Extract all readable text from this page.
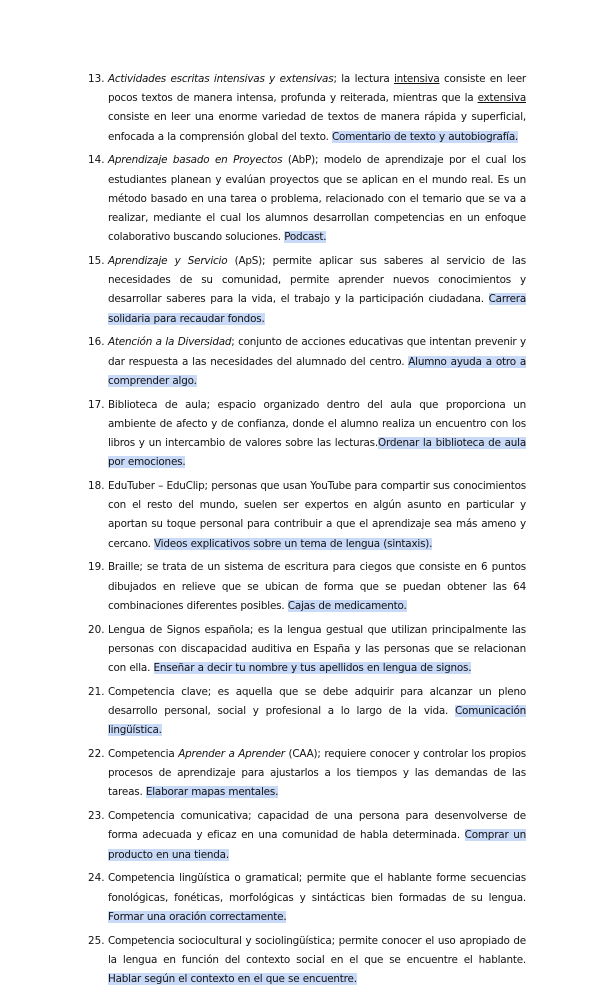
13. Actividades escritas intensivas y extensivas; la lectura intensiva consiste en leer pocos textos de manera intensa, profunda y reiterada, mientras que la extensiva consiste en leer una enorme variedad de textos de manera rápida y superficial, enfocada a la comprensión global del texto. Comentario de texto y autobiografía.
14. Aprendizaje basado en Proyectos (AbP); modelo de aprendizaje por el cual los estudiantes planean y evalúan proyectos que se aplican en el mundo real. Es un método basado en una tarea o problema, relacionado con el temario que se va a realizar, mediante el cual los alumnos desarrollan competencias en un enfoque colaborativo buscando soluciones. Podcast.
15. Aprendizaje y Servicio (ApS); permite aplicar sus saberes al servicio de las necesidades de su comunidad, permite aprender nuevos conocimientos y desarrollar saberes para la vida, el trabajo y la participación ciudadana. Carrera solidaria para recaudar fondos.
16. Atención a la Diversidad; conjunto de acciones educativas que intentan prevenir y dar respuesta a las necesidades del alumnado del centro. Alumno ayuda a otro a comprender algo.
17. Biblioteca de aula; espacio organizado dentro del aula que proporciona un ambiente de afecto y de confianza, donde el alumno realiza un encuentro con los libros y un intercambio de valores sobre las lecturas.Ordenar la biblioteca de aula por emociones.
18. EduTuber – EduClip; personas que usan YouTube para compartir sus conocimientos con el resto del mundo, suelen ser expertos en algún asunto en particular y aportan su toque personal para contribuir a que el aprendizaje sea más ameno y cercano. Videos explicativos sobre un tema de lengua (sintaxis).
19. Braille; se trata de un sistema de escritura para ciegos que consiste en 6 puntos dibujados en relieve que se ubican de forma que se puedan obtener las 64 combinaciones diferentes posibles. Cajas de medicamento.
20. Lengua de Signos española; es la lengua gestual que utilizan principalmente las personas con discapacidad auditiva en España y las personas que se relacionan con ella. Enseñar a decir tu nombre y tus apellidos en lengua de signos.
21. Competencia clave; es aquella que se debe adquirir para alcanzar un pleno desarrollo personal, social y profesional a lo largo de la vida. Comunicación lingüística.
22. Competencia Aprender a Aprender (CAA); requiere conocer y controlar los propios procesos de aprendizaje para ajustarlos a los tiempos y las demandas de las tareas. Elaborar mapas mentales.
23. Competencia comunicativa; capacidad de una persona para desenvolverse de forma adecuada y eficaz en una comunidad de habla determinada. Comprar un producto en una tienda.
24. Competencia lingüística o gramatical; permite que el hablante forme secuencias fonológicas, fonéticas, morfológicas y sintácticas bien formadas de su lengua. Formar una oración correctamente.
25. Competencia sociocultural y sociolingüística; permite conocer el uso apropiado de la lengua en función del contexto social en el que se encuentre el hablante. Hablar según el contexto en el que se encuentre.
